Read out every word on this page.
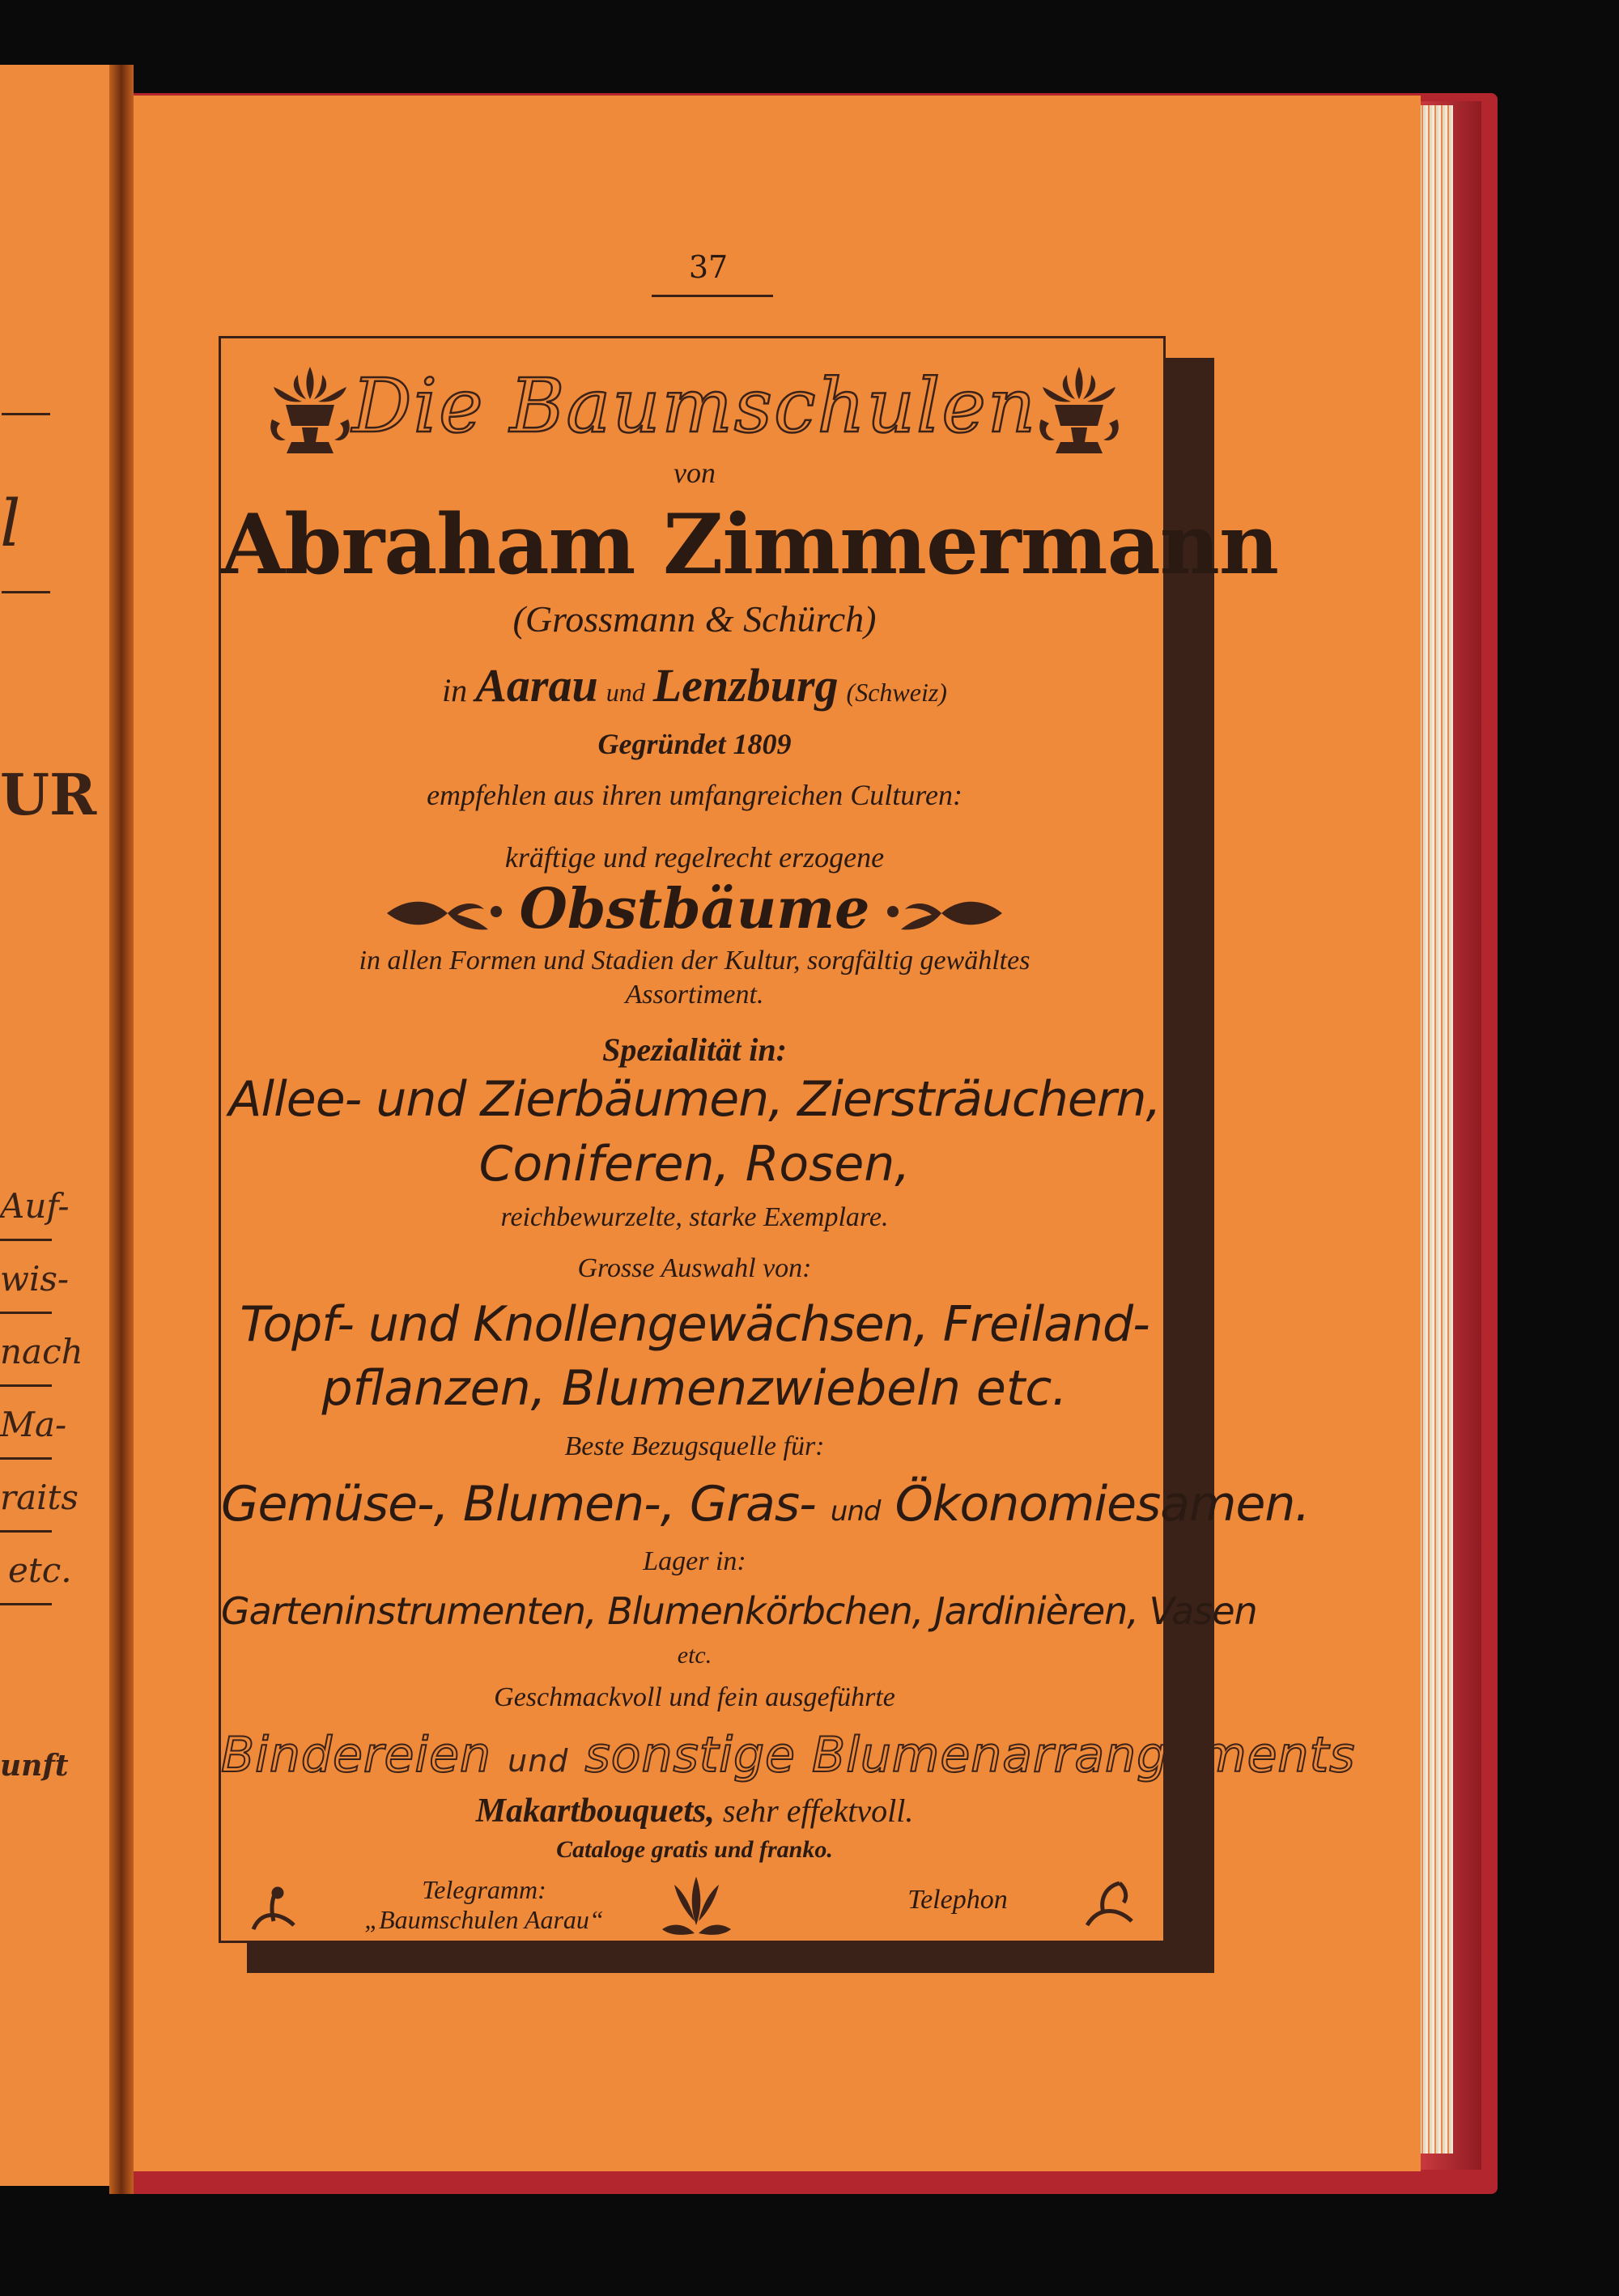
l
UR
Auf-
wis-
nach
Ma-
raits
etc.
unft
37
Die Baumschulen
von
Abraham Zimmermann
(Grossmann & Schürch)
in Aarau und Lenzburg (Schweiz)
Gegründet 1809
empfehlen aus ihren umfangreichen Culturen:
kräftige und regelrecht erzogene
Obstbäume
in allen Formen und Stadien der Kultur, sorgfältig gewähltes
Assortiment.
Spezialität in:
Allee- und Zierbäumen, Ziersträuchern,
Coniferen, Rosen,
reichbewurzelte, starke Exemplare.
Grosse Auswahl von:
Topf- und Knollengewächsen, Freiland-
pflanzen, Blumenzwiebeln etc.
Beste Bezugsquelle für:
Gemüse-, Blumen-, Gras- und Ökonomiesamen.
Lager in:
Garteninstrumenten, Blumenkörbchen, Jardinièren, Vasen
etc.
Geschmackvoll und fein ausgeführte
Bindereien und sonstige Blumenarrangements
Makartbouquets, sehr effektvoll.
Cataloge gratis und franko.
Telegramm:
„Baumschulen Aarau“
Telephon
